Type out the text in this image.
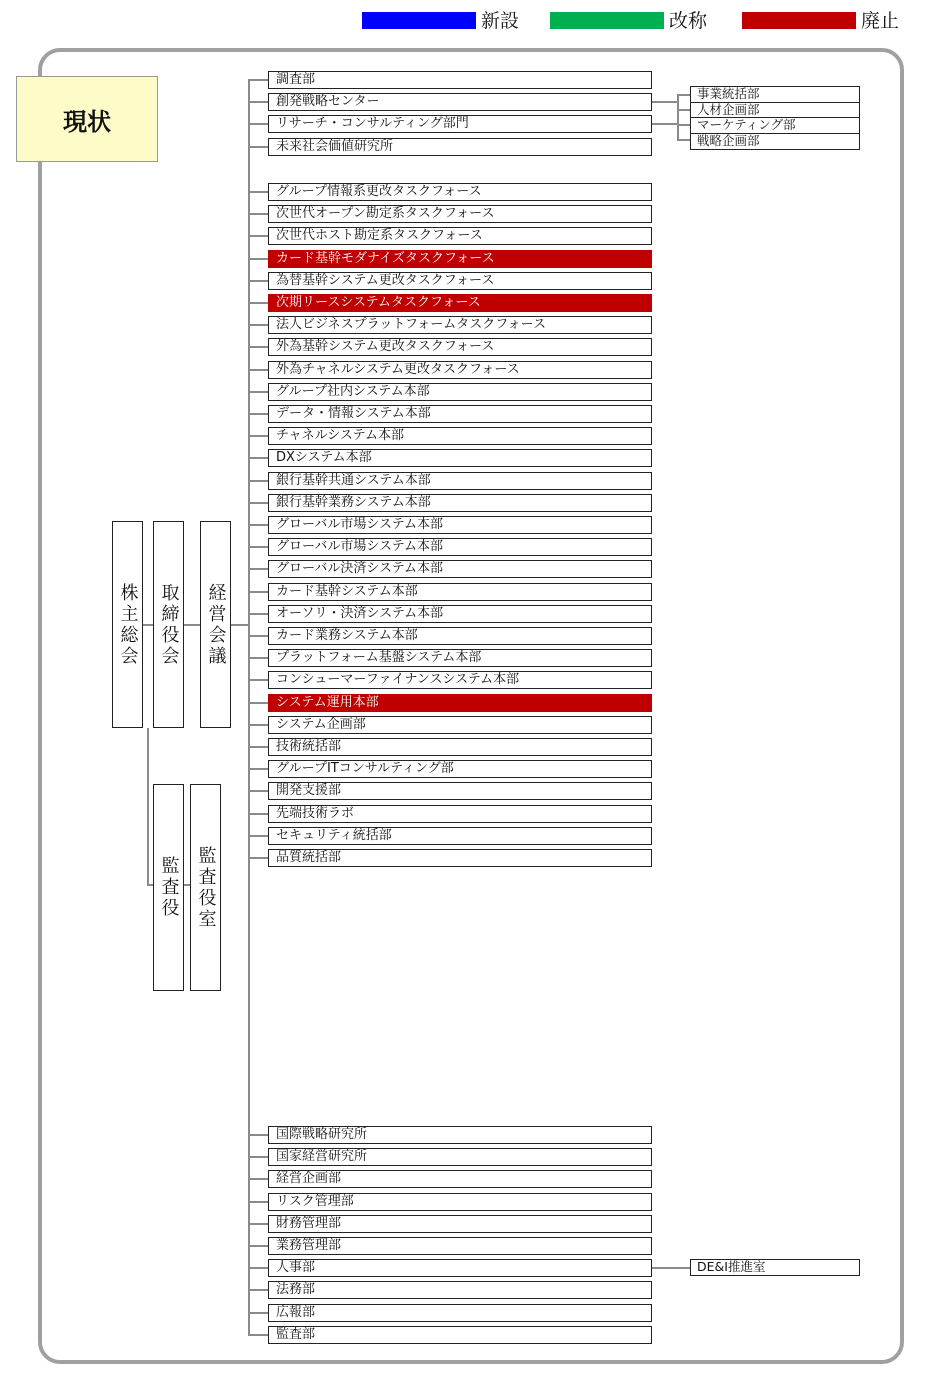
新設	改称	廃止
現状
株主総会 取締役会 経営会議
監査役 監査役室
調査部
創発戦略センター
リサーチ・コンサルティング部門
未来社会価値研究所
グループ情報系更改タスクフォース
次世代オープン勘定系タスクフォース
次世代ホスト勘定系タスクフォース
カード基幹モダナイズタスクフォース
為替基幹システム更改タスクフォース
次期リースシステムタスクフォース
法人ビジネスプラットフォームタスクフォース
外為基幹システム更改タスクフォース
外為チャネルシステム更改タスクフォース
グループ社内システム本部
データ・情報システム本部
チャネルシステム本部
DXシステム本部
銀行基幹共通システム本部
銀行基幹業務システム本部
グローバル市場システム本部
グローバル市場システム本部
グローバル決済システム本部
カード基幹システム本部
オーソリ・決済システム本部
カード業務システム本部
プラットフォーム基盤システム本部
コンシューマーファイナンスシステム本部
システム運用本部
システム企画部
技術統括部
グループITコンサルティング部
開発支援部
先端技術ラボ
セキュリティ統括部
品質統括部
国際戦略研究所
国家経営研究所
経営企画部
リスク管理部
財務管理部
業務管理部
人事部
法務部
広報部
監査部
事業統括部
人材企画部
マーケティング部
戦略企画部
DE&I推進室
